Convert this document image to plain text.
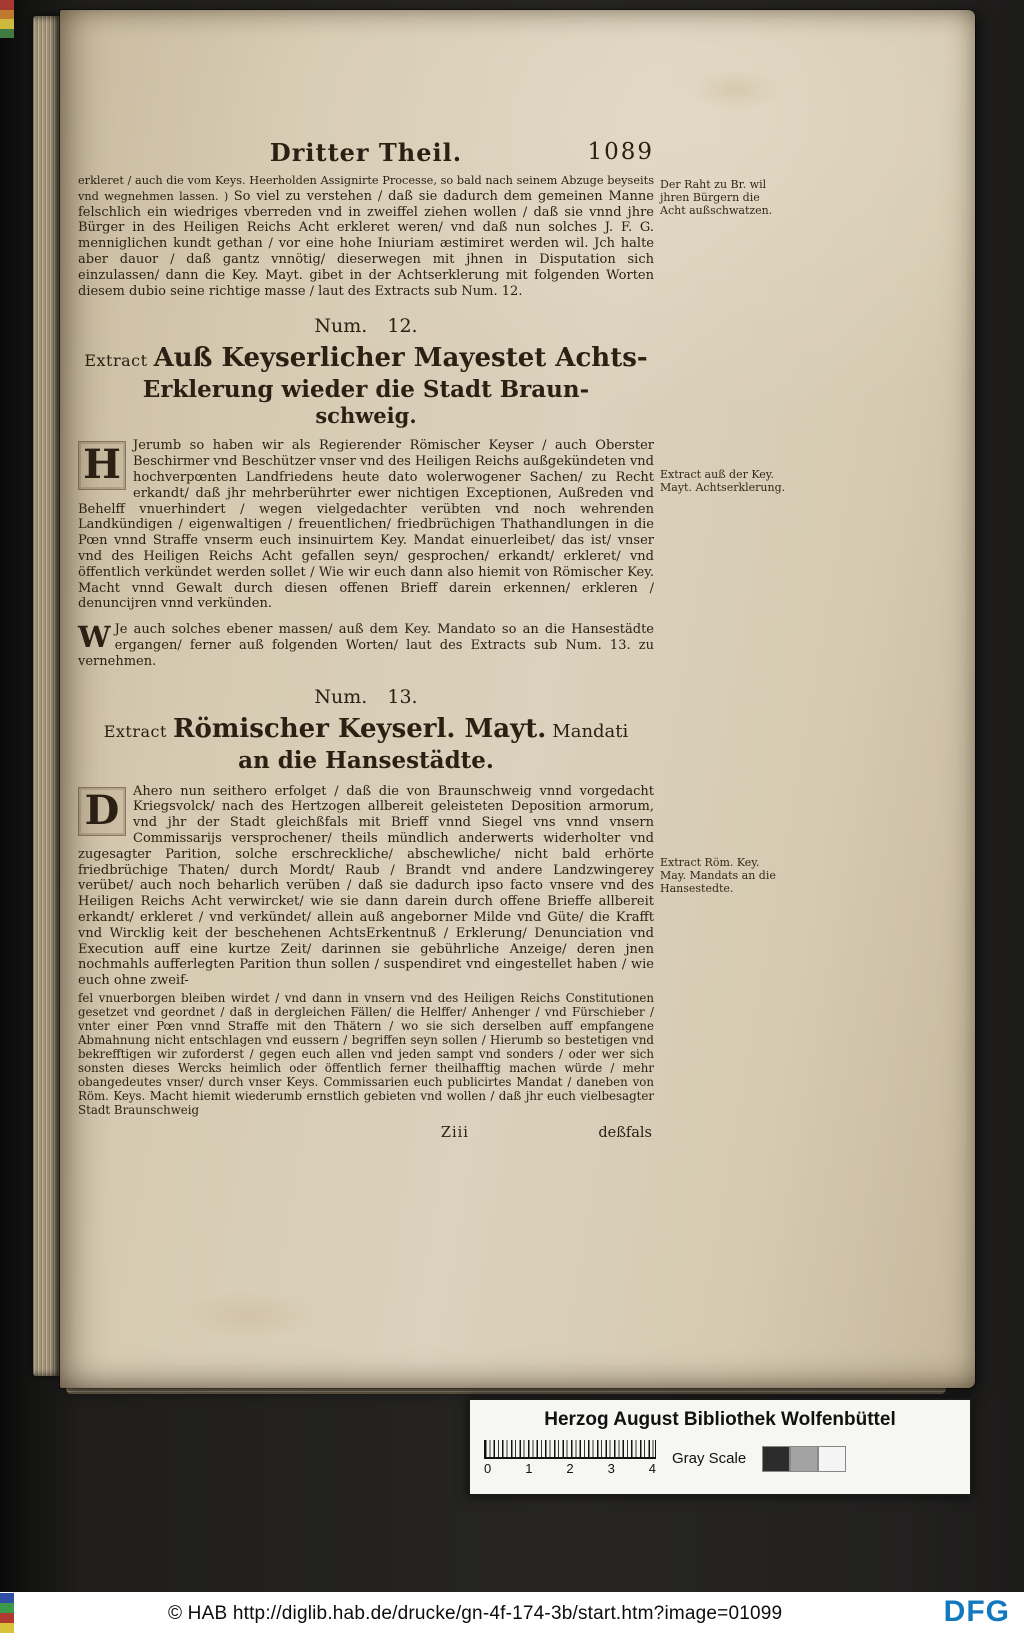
Dritter Theil.	1089

erkleret / auch die vom Keys. Heerholden Assignirte Processe, so bald nach seinem Abzuge beyseits vnd wegnehmen lassen. ) So viel zu verstehen / daß sie dadurch dem gemeinen Manne felschlich ein wiedriges vberreden vnd in zweiffel ziehen wollen / daß sie vnnd jhre Bürger in des Heiligen Reichs Acht erkleret weren/ vnd daß nun solches J. F. G. menniglichen kundt gethan / vor eine hohe Iniuriam æstimiret werden wil. Jch halte aber dauor / daß gantz vnnötig/ dieserwegen mit jhnen in Disputation sich einzulassen/ dann die Key. Mayt. gibet in der Achtserklerung mit folgenden Worten diesem dubio seine richtige masse / laut des Extracts sub Num. 12.

Num. 12.
Extract Auß Keyserlicher Mayestet Achts-
Erklerung wieder die Stadt Braun-
schweig.

H Jerumb so haben wir als Regierender Römischer Keyser / auch Oberster Beschirmer vnd Beschützer vnser vnd des Heiligen Reichs außgekündeten vnd hochverpœnten Landfriedens heute dato wolerwogener Sachen/ zu Recht erkandt/ daß jhr mehrberührter ewer nichtigen Exceptionen, Außreden vnd Behelff vnuerhindert / wegen vielgedachter verübten vnd noch wehrenden Landkündigen / eigenwaltigen / freuentlichen/ friedbrüchigen Thathandlungen in die Pœn vnnd Straffe vnserm euch insinuirtem Key. Mandat einuerleibet/ das ist/ vnser vnd des Heiligen Reichs Acht gefallen seyn/ gesprochen/ erkandt/ erkleret/ vnd öffentlich verkündet werden sollet / Wie wir euch dann also hiemit von Römischer Key. Macht vnnd Gewalt durch diesen offenen Brieff darein erkennen/ erkleren / denuncijren vnnd verkünden.

W Je auch solches ebener massen/ auß dem Key. Mandato so an die Hansestädte ergangen/ ferner auß folgenden Worten/ laut des Extracts sub Num. 13. zu vernehmen.

Num. 13.
Extract Römischer Keyserl. Mayt. Mandati
an die Hansestädte.

D	Ahero nun seithero erfolget / daß die von Braunschweig vnnd vorgedacht Kriegsvolck/ nach des Hertzogen allbereit geleisteten Deposition armorum, vnd jhr der Stadt gleichßfals mit Brieff vnnd Siegel vns vnnd vnsern Commissarijs versprochener/ theils mündlich anderwerts widerholter vnd zugesagter Parition, solche erschreckliche/ abschewliche/ nicht bald erhörte friedbrüchige Thaten/ durch Mordt/ Raub / Brandt vnd andere Landzwingerey verübet/ auch noch beharlich verüben / daß sie dadurch ipso facto vnsere vnd des Heiligen Reichs Acht verwircket/ wie sie dann darein durch offene Brieffe allbereit erkandt/ erkleret / vnd verkündet/ allein auß angeborner Milde vnd Güte/ die Krafft vnd Wircklig keit der beschehenen AchtsErkentnuß / Erklerung/ Denunciation vnd Execution auff eine kurtze Zeit/ darinnen sie gebührliche Anzeige/ deren jnen nochmahls aufferlegten Parition thun sollen / suspendiret vnd eingestellet haben / wie euch ohne zweif-

fel vnuerborgen bleiben wirdet / vnd dann in vnsern vnd des Heiligen Reichs Constitutionen gesetzet vnd geordnet / daß in dergleichen Fällen/ die Helffer/ Anhenger / vnd Fürschieber / vnter einer Pœn vnnd Straffe mit den Thätern / wo sie sich derselben auff empfangene Abmahnung nicht entschlagen vnd eussern / begriffen seyn sollen / Hierumb so bestetigen vnd bekrefftigen wir zuforderst / gegen euch allen vnd jeden sampt vnd sonders / oder wer sich sonsten dieses Wercks heimlich oder öffentlich ferner theilhafftig machen würde / mehr obangedeutes vnser/ durch vnser Keys. Commissarien euch publicirtes Mandat / daneben von Röm. Keys. Macht hiemit wiederumb ernstlich gebieten vnd wollen / daß jhr euch vielbesagter Stadt Braunschweig

Ziii	deßfals
Der Raht zu Br. wil jhren Bürgern die Acht außschwatzen.
Extract auß der Key. Mayt. Achtserklerung.
Extract Röm. Key. May. Mandats an die Hansestedte.
Herzog August Bibliothek Wolfenbüttel
0	1	2	3	4
Gray Scale
© HAB http://diglib.hab.de/drucke/gn-4f-174-3b/start.htm?image=01099	DFG
